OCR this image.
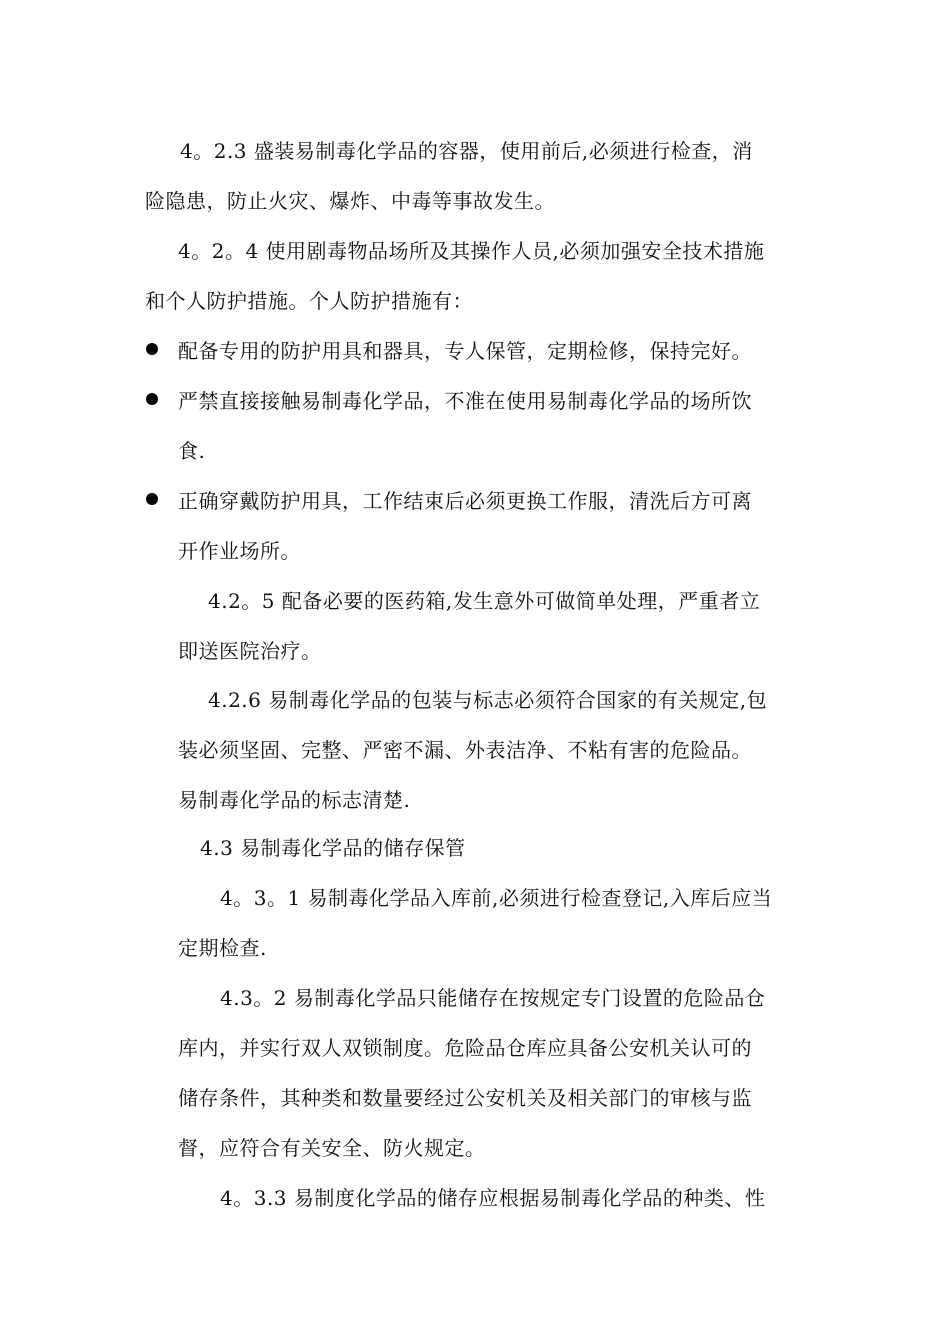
4。2.3 盛装易制毒化学品的容器，使用前后,必须进行检查，消
险隐患，防止火灾、爆炸、中毒等事故发生。
4。2。4 使用剧毒物品场所及其操作人员,必须加强安全技术措施
和个人防护措施。个人防护措施有：
配备专用的防护用具和器具，专人保管，定期检修，保持完好。
严禁直接接触易制毒化学品，不准在使用易制毒化学品的场所饮
食.
正确穿戴防护用具，工作结束后必须更换工作服，清洗后方可离
开作业场所。
4.2。5 配备必要的医药箱,发生意外可做简单处理，严重者立
即送医院治疗。
4.2.6 易制毒化学品的包装与标志必须符合国家的有关规定,包
装必须坚固、完整、严密不漏、外表洁净、不粘有害的危险品。
易制毒化学品的标志清楚.
4.3 易制毒化学品的储存保管
4。3。1 易制毒化学品入库前,必须进行检查登记,入库后应当
定期检查.
4.3。2 易制毒化学品只能储存在按规定专门设置的危险品仓
库内，并实行双人双锁制度。危险品仓库应具备公安机关认可的
储存条件，其种类和数量要经过公安机关及相关部门的审核与监
督，应符合有关安全、防火规定。
4。3.3 易制度化学品的储存应根据易制毒化学品的种类、性
